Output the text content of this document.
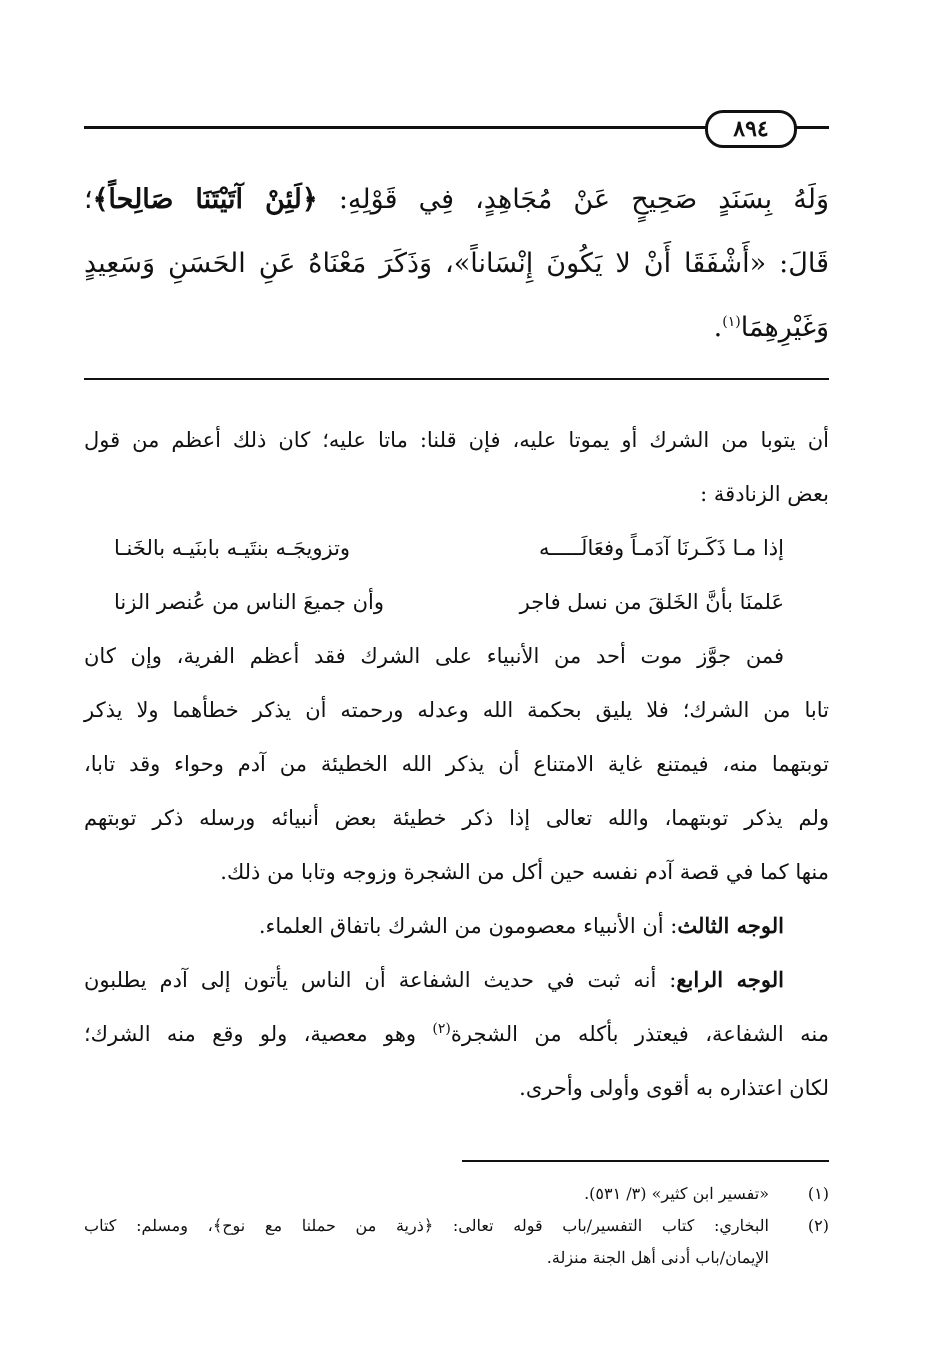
٨٩٤
وَلَهُ بِسَنَدٍ صَحِيحٍ عَنْ مُجَاهِدٍ، فِي قَوْلِهِ: ﴿لَئِنْ آتَيْتَنَا صَالِحاً﴾؛
قَالَ: «أَشْفَقَا أَنْ لا يَكُونَ إِنْسَاناً»، وَذَكَرَ مَعْنَاهُ عَنِ الحَسَنِ وَسَعِيدٍ
وَغَيْرِهِمَا$^{(١)}$.
أن يتوبا من الشرك أو يموتا عليه، فإن قلنا: ماتا عليه؛ كان ذلك أعظم من قول
بعض الزنادقة :
إذا مـا ذَكَـرنَا آدَمـاً وفعَالَـــــه
وتزويجَـه بنتَيـه بابنَيـه بالخَنـا
عَلمنَا بأنَّ الخَلقَ من نسل فاجر
وأن جميعَ الناس من عُنصر الزنا
فمن جوَّز موت أحد من الأنبياء على الشرك فقد أعظم الفرية، وإن كان
تابا من الشرك؛ فلا يليق بحكمة الله وعدله ورحمته أن يذكر خطأهما ولا يذكر
توبتهما منه، فيمتنع غاية الامتناع أن يذكر الله الخطيئة من آدم وحواء وقد تابا،
ولم يذكر توبتهما، والله تعالى إذا ذكر خطيئة بعض أنبيائه ورسله ذكر توبتهم
منها كما في قصة آدم نفسه حين أكل من الشجرة وزوجه وتابا من ذلك.
الوجه الثالث: أن الأنبياء معصومون من الشرك باتفاق العلماء.
الوجه الرابع: أنه ثبت في حديث الشفاعة أن الناس يأتون إلى آدم يطلبون
منه الشفاعة، فيعتذر بأكله من الشجرة$^{(٢)}$ وهو معصية، ولو وقع منه الشرك؛
لكان اعتذاره به أقوى وأولى وأحرى.
(١)
«تفسير ابن كثير» (٣/ ٥٣١).
(٢)
البخاري: كتاب التفسير/باب قوله تعالى: ﴿ذرية من حملنا مع نوح﴾، ومسلم: كتاب
الإيمان/باب أدنى أهل الجنة منزلة.
